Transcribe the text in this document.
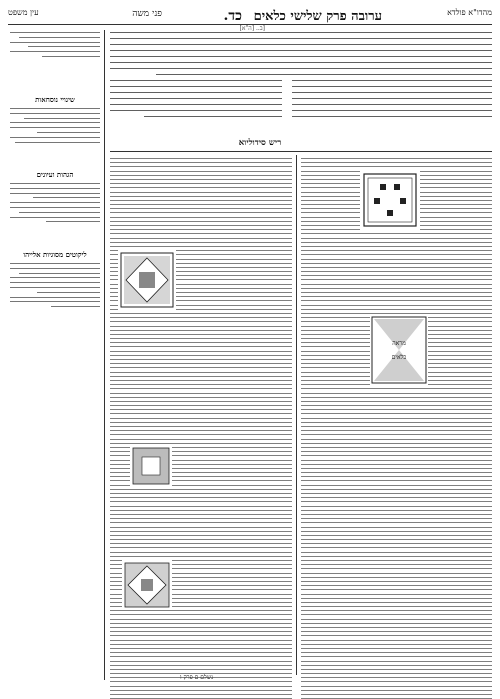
מהדו"א פולדא
ערובה פרק שלישי כלאים
כד.
פני משה
עין משפט
[ב.. [ה"א]
שינויי נוסחאות
הגהות ועיונים
ליקוטים מסוגיות אלייהו
ריש סידוליוא
מראה
כלאים
נשלם ם פרק ו
